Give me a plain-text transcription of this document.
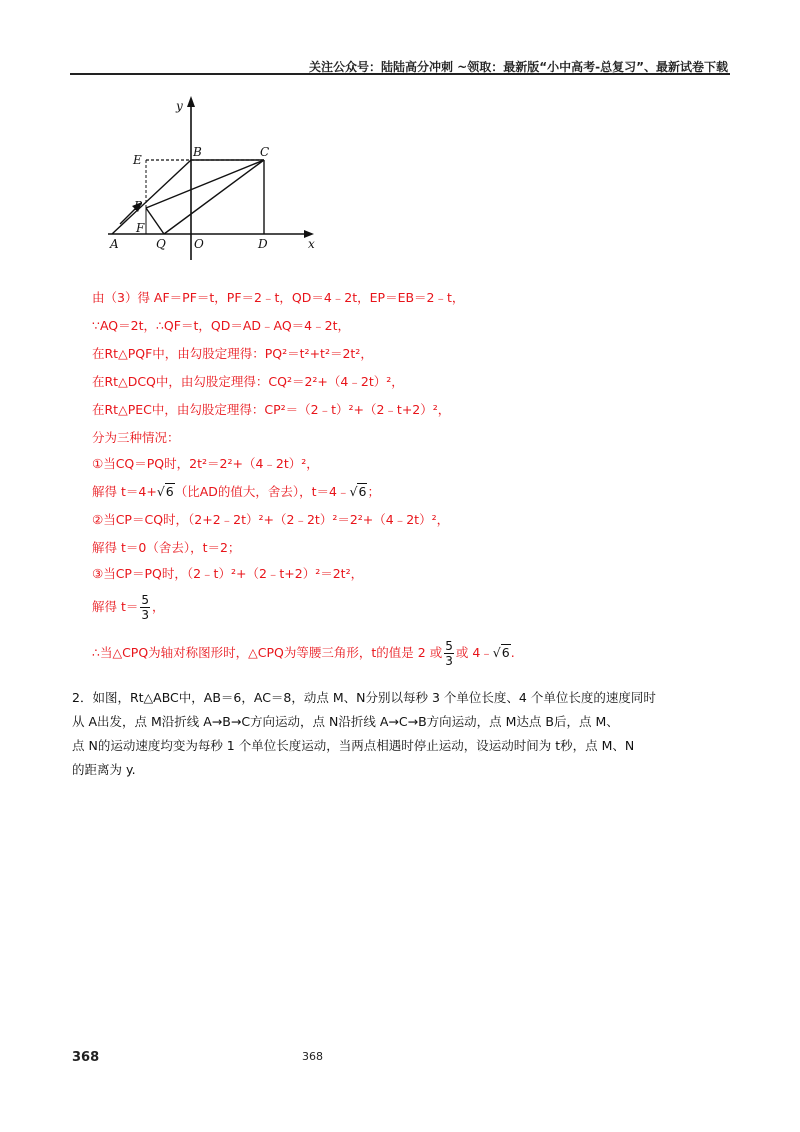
关注公众号：陆陆高分冲刺 ~领取：最新版“小中高考-总复习”、最新试卷下载
y
x
E
B	C
P
F
A	Q O	D
由（3）得 AF＝PF＝t，PF＝2﹣t，QD＝4﹣2t，EP＝EB＝2﹣t，
∵AQ＝2t，∴QF＝t，QD＝AD﹣AQ＝4﹣2t，
在Rt△PQF中，由勾股定理得：PQ²＝t²+t²＝2t²，
在Rt△DCQ中，由勾股定理得：CQ²＝2²+（4﹣2t）²，
在Rt△PEC中，由勾股定理得：CP²＝（2﹣t）²+（2﹣t+2）²，
分为三种情况：
①当CQ＝PQ时，2t²＝2²+（4﹣2t）²，
解得 t＝4+√6（比AD的值大，舍去），t＝4﹣√6；
②当CP＝CQ时，（2+2﹣2t）²+（2﹣2t）²＝2²+（4﹣2t）²，
解得 t＝0（舍去），t＝2；
③当CP＝PQ时，（2﹣t）²+（2﹣t+2）²＝2t²，
解得 $t= \frac{5}{3}$ ，
∴当△CPQ为轴对称图形时，△CPQ为等腰三角形，t的值是 2 或 $\frac{5}{3}$ 或 4﹣√6.
2．如图，Rt△ABC中，AB＝6，AC＝8，动点 M、N分别以每秒 3 个单位长度、4 个单位长度的速度同时
从 A出发，点 M沿折线 A→B→C方向运动，点 N沿折线 A→C→B方向运动，点 M达点 B后，点 M、
点 N的运动速度均变为每秒 1 个单位长度运动，当两点相遇时停止运动，设运动时间为 t秒，点 M、N
的距离为 y.
368	368
